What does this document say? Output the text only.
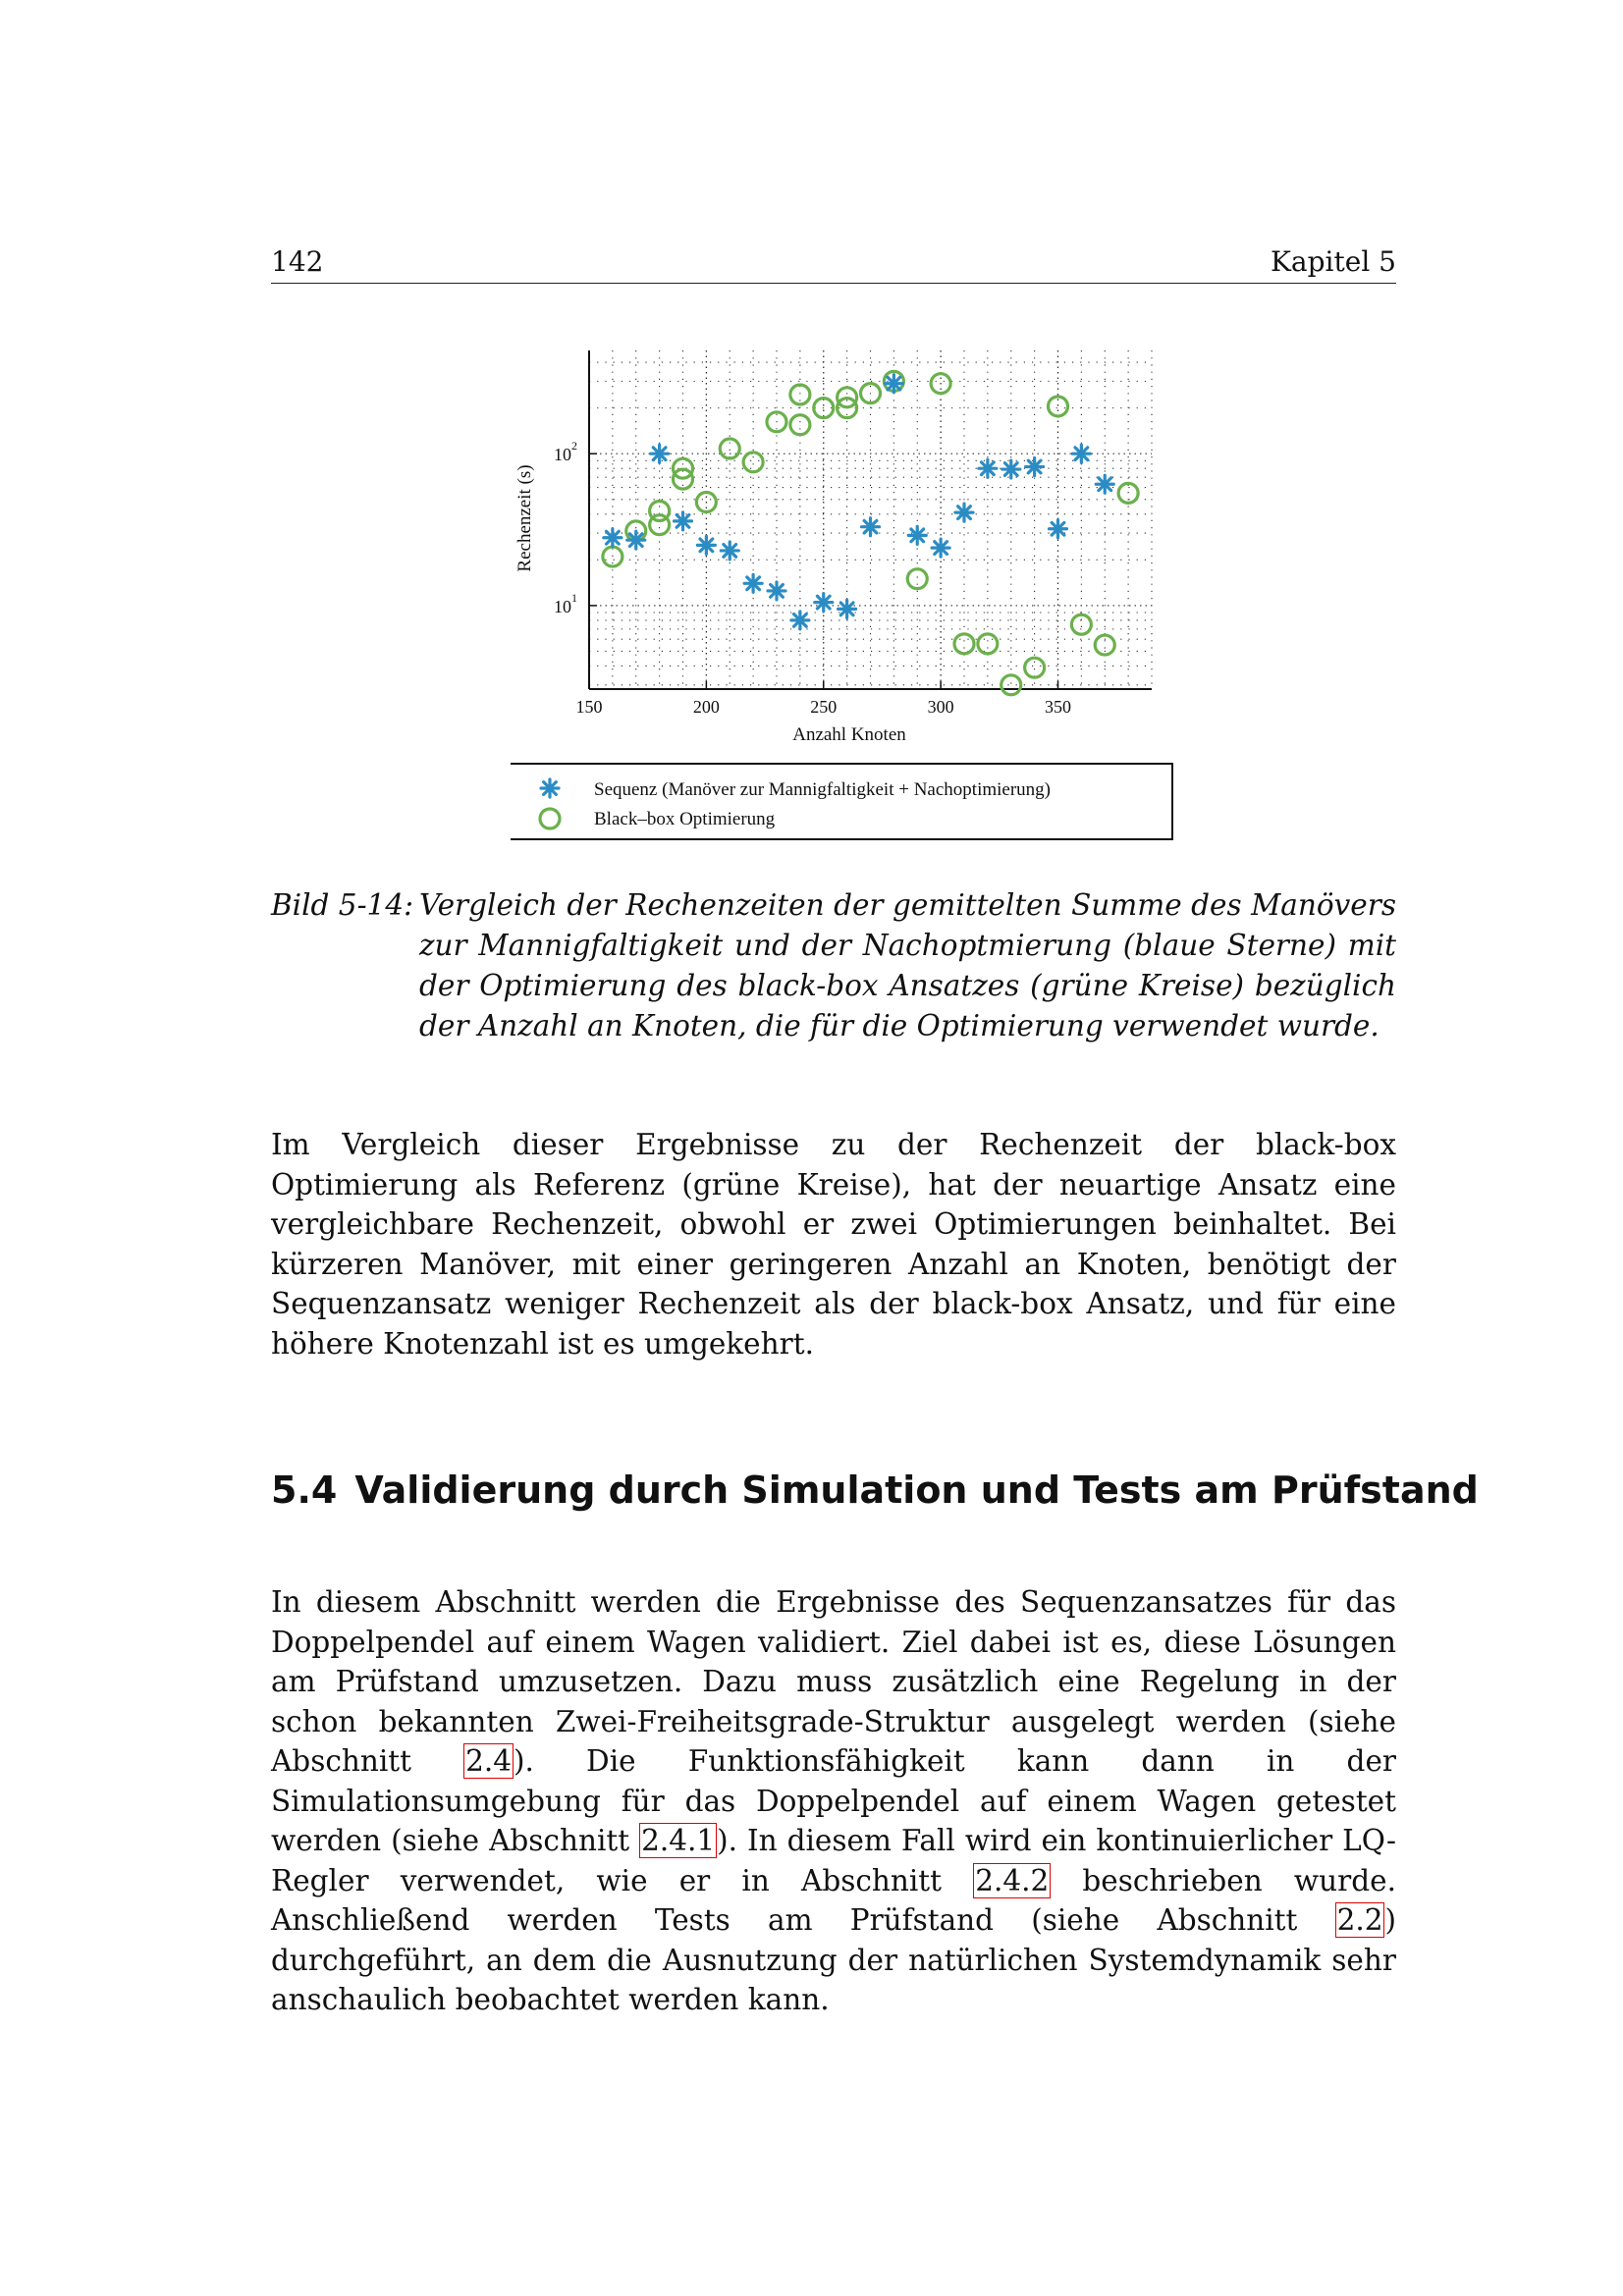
142	Kapitel 5
150	200	250	300	350
10 1
10 2
Anzahl Knoten
Rechenzeit (s)
Sequenz (Manöver zur Mannigfaltigkeit + Nachoptimierung)
Black–box Optimierung
Bild 5-14: Vergleich der Rechenzeiten der gemittelten Summe des Manövers zur Mannigfaltigkeit und der Nachoptmierung (blaue Sterne) mit der Optimierung des black-box Ansatzes (grüne Kreise) bezüglich der Anzahl an Knoten, die für die Optimierung verwendet wurde.
Im Vergleich dieser Ergebnisse zu der Rechenzeit der black-box Optimierung als Referenz (grüne Kreise), hat der neuartige Ansatz eine vergleichbare Rechenzeit, obwohl er zwei Optimierungen beinhaltet. Bei kürzeren Manöver, mit einer geringeren Anzahl an Knoten, benötigt der Sequenzansatz weniger Rechenzeit als der black-box Ansatz, und für eine höhere Knotenzahl ist es umgekehrt.
5.4 Validierung durch Simulation und Tests am Prüfstand
In diesem Abschnitt werden die Ergebnisse des Sequenzansatzes für das Doppelpendel auf einem Wagen validiert. Ziel dabei ist es, diese Lösungen am Prüfstand umzusetzen. Dazu muss zusätzlich eine Regelung in der schon bekannten Zwei-Freiheitsgrade-Struktur ausgelegt werden (siehe Abschnitt 2.4). Die Funktionsfähigkeit kann dann in der Simulationsumgebung für das Doppelpendel auf einem Wagen getestet werden (siehe Abschnitt 2.4.1). In diesem Fall wird ein kontinuierlicher LQ-Regler verwendet, wie er in Abschnitt 2.4.2 beschrieben wurde. Anschließend werden Tests am Prüfstand (siehe Abschnitt 2.2) durchgeführt, an dem die Ausnutzung der natürlichen Systemdynamik sehr anschaulich beobachtet werden kann.
